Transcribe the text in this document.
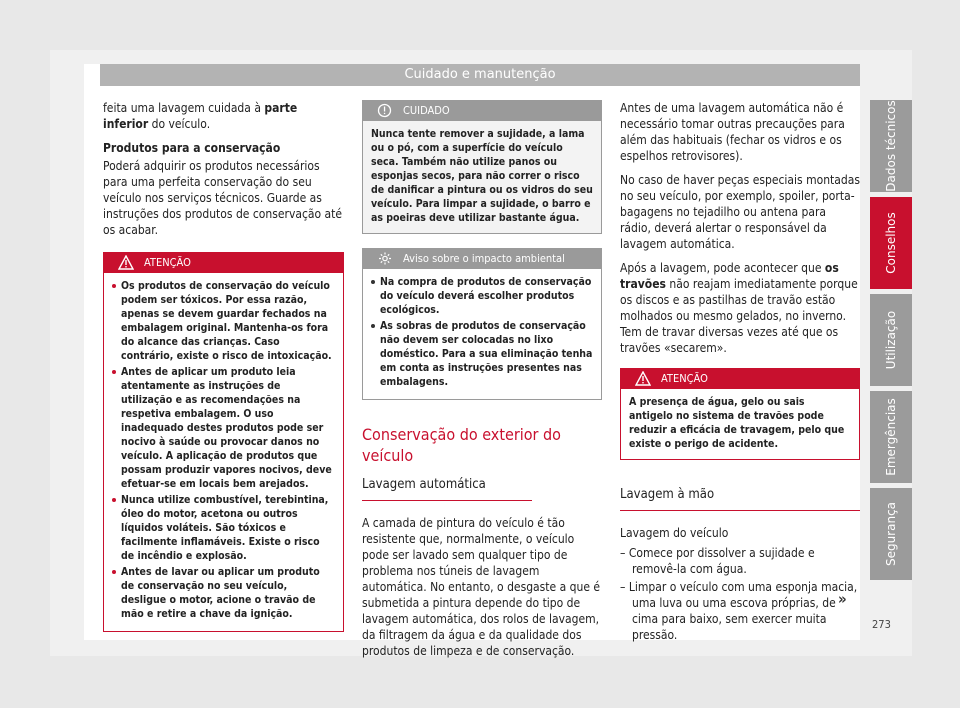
Cuidado e manutenção

feita uma lavagem cuidada à parte inferior do veículo.

Produtos para a conservação

Poderá adquirir os produtos necessários para uma perfeita conservação do seu veículo nos serviços técnicos. Guarde as instruções dos produtos de conservação até os acabar.

ATENÇÃO
Os produtos de conservação do veículo podem ser tóxicos. Por essa razão, apenas se devem guardar fechados na embalagem original. Mantenha-os fora do alcance das crianças. Caso contrário, existe o risco de intoxicação.
Antes de aplicar um produto leia atentamente as instruções de utilização e as recomendações na respetiva embalagem. O uso inadequado destes produtos pode ser nocivo à saúde ou provocar danos no veículo. A aplicação de produtos que possam produzir vapores nocivos, deve efetuar-se em locais bem arejados.
Nunca utilize combustível, terebintina, óleo do motor, acetona ou outros líquidos voláteis. São tóxicos e facilmente inflamáveis. Existe o risco de incêndio e explosão.
Antes de lavar ou aplicar um produto de conservação no seu veículo, desligue o motor, acione o travão de mão e retire a chave da ignição.
CUIDADO
Nunca tente remover a sujidade, a lama ou o pó, com a superfície do veículo seca. Também não utilize panos ou esponjas secos, para não correr o risco de danificar a pintura ou os vidros do seu veículo. Para limpar a sujidade, o barro e as poeiras deve utilizar bastante água.
Aviso sobre o impacto ambiental
Na compra de produtos de conservação do veículo deverá escolher produtos ecológicos.
As sobras de produtos de conservação não devem ser colocadas no lixo doméstico. Para a sua eliminação tenha em conta as instruções presentes nas embalagens.
Conservação do exterior do veículo
Lavagem automática

A camada de pintura do veículo é tão resistente que, normalmente, o veículo pode ser lavado sem qualquer tipo de problema nos túneis de lavagem automática. No entanto, o desgaste a que é submetida a pintura depende do tipo de lavagem automática, dos rolos de lavagem, da filtragem da água e da qualidade dos produtos de limpeza e de conservação.

Antes de uma lavagem automática não é necessário tomar outras precauções para além das habituais (fechar os vidros e os espelhos retrovisores).

No caso de haver peças especiais montadas no seu veículo, por exemplo, spoiler, porta-bagagens no tejadilho ou antena para rádio, deverá alertar o responsável da lavagem automática.

Após a lavagem, pode acontecer que os travões não reajam imediatamente porque os discos e as pastilhas de travão estão molhados ou mesmo gelados, no inverno. Tem de travar diversas vezes até que os travões «secarem».

ATENÇÃO
A presença de água, gelo ou sais antigelo no sistema de travões pode reduzir a eficácia de travagem, pelo que existe o perigo de acidente.
Lavagem à mão

Lavagem do veículo

– Comece por dissolver a sujidade e removê-la com água.

– Limpar o veículo com uma esponja macia, uma luva ou uma escova próprias, de cima para baixo, sem exercer muita pressão.

»
Dados técnicos
Conselhos
Utilização
Emergências
Segurança
273
